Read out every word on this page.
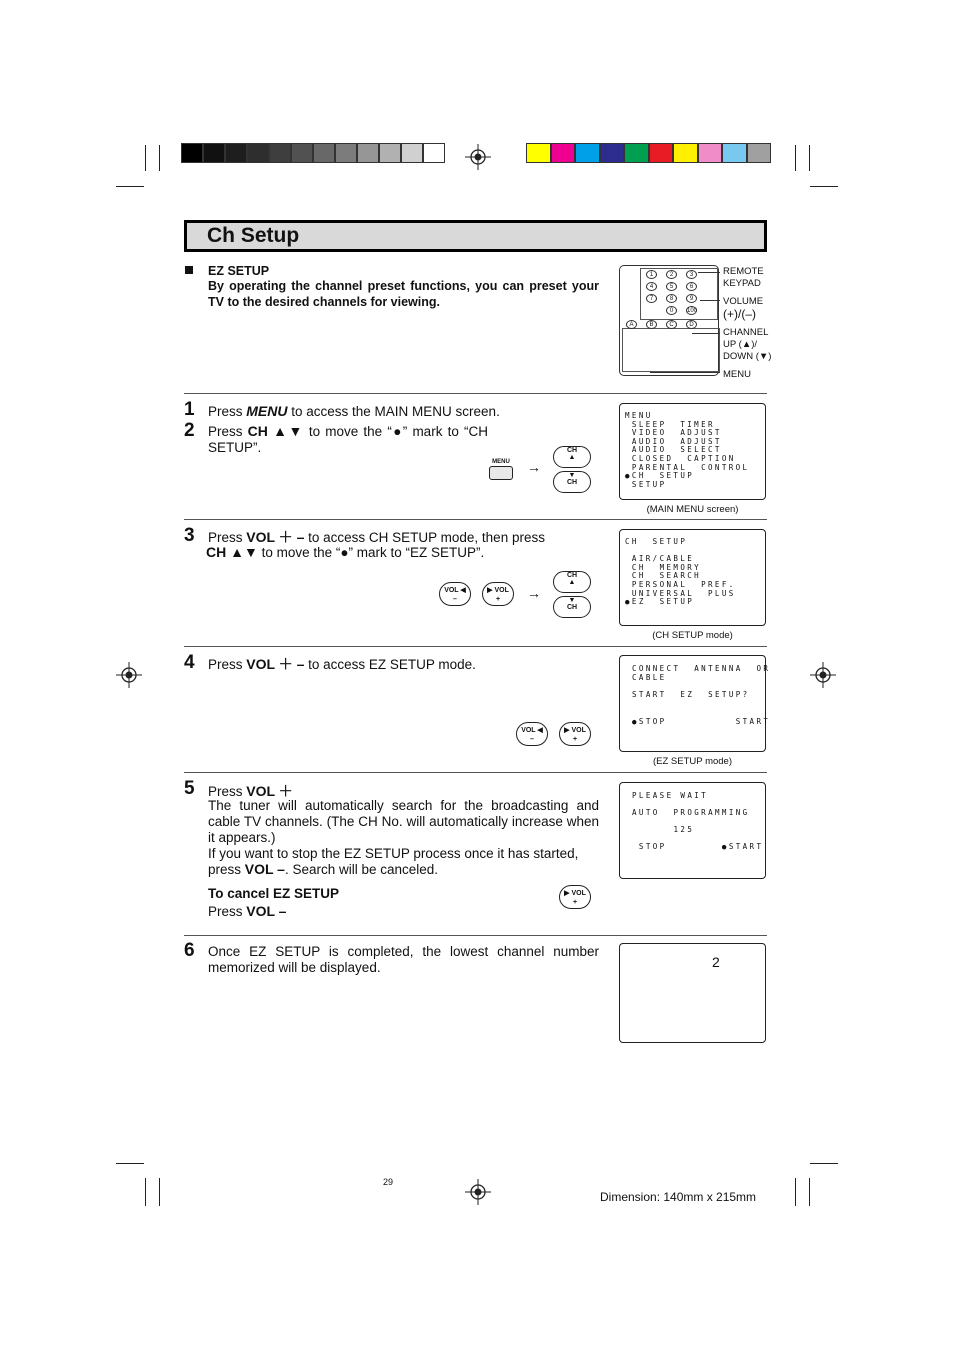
Ch Setup
EZ SETUP
By operating the channel preset functions, you can preset your TV to the desired channels for viewing.
1	2	3
4	5	6
7	8	9
0	100
A	B	C	D
REMOTE
KEYPAD
VOLUME
(+)/(–)
CHANNEL
UP (▲)/
DOWN (▼)
MENU
1 Press MENU to access the MAIN MENU screen.
2 Press CH ▲▼ to move the “●” mark to “CH SETUP”.
MENU →
CH
▲
▼
CH
MENU
SLEEP  TIMER
VIDEO  ADJUST
AUDIO  ADJUST
AUDIO  SELECT
CLOSED  CAPTION
PARENTAL  CONTROL
●CH  SETUP
SETUP
(MAIN MENU screen)
3 Press VOL ＋ – to access CH SETUP mode, then press
CH ▲▼ to move the “●” mark to “EZ SETUP”.
VOL ◀
–
▶ VOL
+	→
CH
▲
▼
CH
CH  SETUP
AIR/CABLE
CH  MEMORY
CH  SEARCH
PERSONAL  PREF.
UNIVERSAL  PLUS
●EZ  SETUP
(CH SETUP mode)
4 Press VOL ＋ – to access EZ SETUP mode.
VOL ◀
–
▶ VOL
+
CONNECT  ANTENNA  OR
CABLE
START  EZ  SETUP?
●STOP          START
(EZ SETUP mode)
5 Press VOL ＋
The tuner will automatically search for the broadcasting and cable TV channels. (The CH No. will automatically increase when it appears.)
If you want to stop the EZ SETUP process once it has started,
press VOL –. Search will be canceled.
To cancel EZ SETUP
Press VOL –
▶ VOL
+
PLEASE WAIT
AUTO  PROGRAMMING
125
STOP        ●START
6 Once EZ SETUP is completed, the lowest channel number memorized will be displayed.	2
29
Dimension: 140mm x 215mm
